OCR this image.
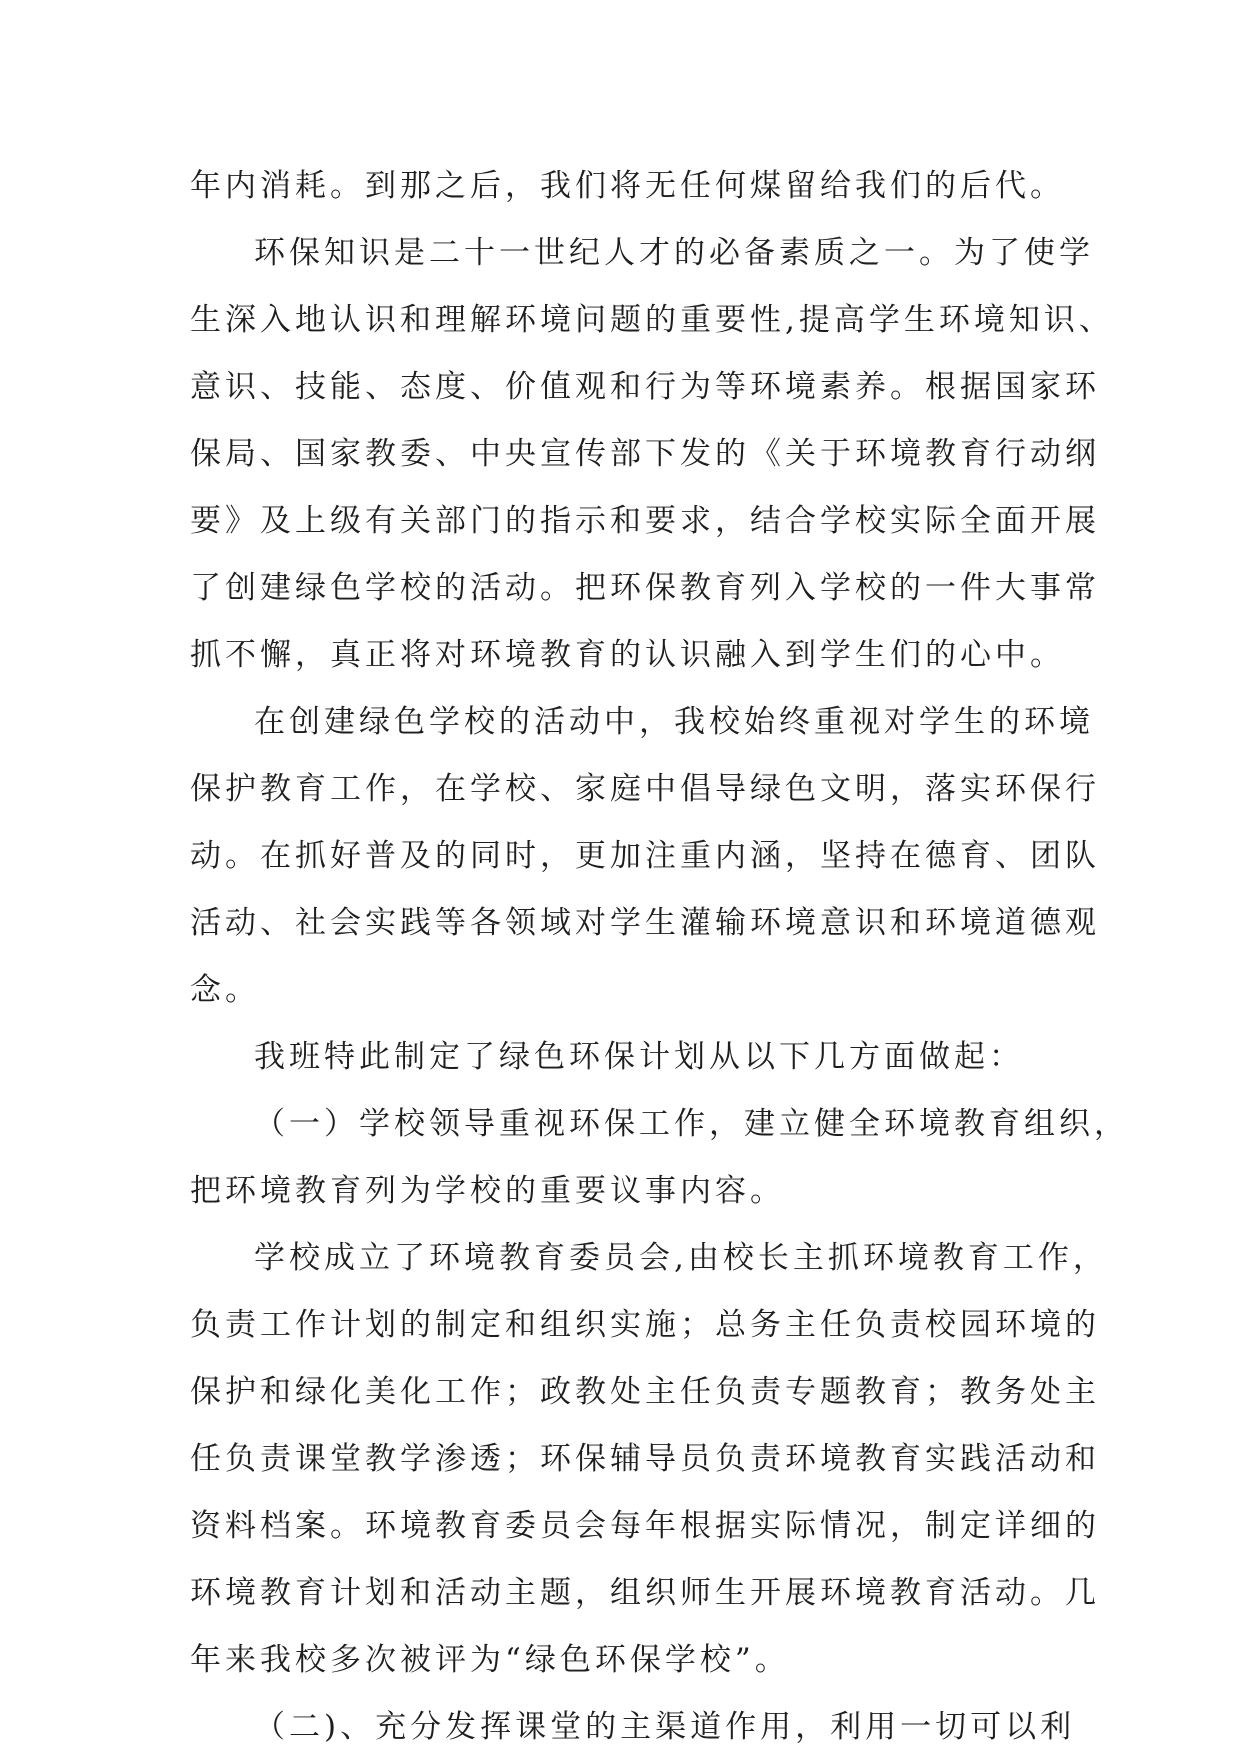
年内消耗。到那之后，我们将无任何煤留给我们的后代。
环保知识是二十一世纪人才的必备素质之一。为了使学
生深入地认识和理解环境问题的重要性,提高学生环境知识、
意识、技能、态度、价值观和行为等环境素养。根据国家环
保局、国家教委、中央宣传部下发的《关于环境教育行动纲
要》及上级有关部门的指示和要求，结合学校实际全面开展
了创建绿色学校的活动。把环保教育列入学校的一件大事常
抓不懈，真正将对环境教育的认识融入到学生们的心中。
在创建绿色学校的活动中，我校始终重视对学生的环境
保护教育工作，在学校、家庭中倡导绿色文明，落实环保行
动。在抓好普及的同时，更加注重内涵，坚持在德育、团队
活动、社会实践等各领域对学生灌输环境意识和环境道德观
念。
我班特此制定了绿色环保计划从以下几方面做起：
（一）学校领导重视环保工作，建立健全环境教育组织，
把环境教育列为学校的重要议事内容。
学校成立了环境教育委员会,由校长主抓环境教育工作，
负责工作计划的制定和组织实施；总务主任负责校园环境的
保护和绿化美化工作；政教处主任负责专题教育；教务处主
任负责课堂教学渗透；环保辅导员负责环境教育实践活动和
资料档案。环境教育委员会每年根据实际情况，制定详细的
环境教育计划和活动主题，组织师生开展环境教育活动。几
年来我校多次被评为“绿色环保学校”。
（二)、充分发挥课堂的主渠道作用，利用一切可以利
